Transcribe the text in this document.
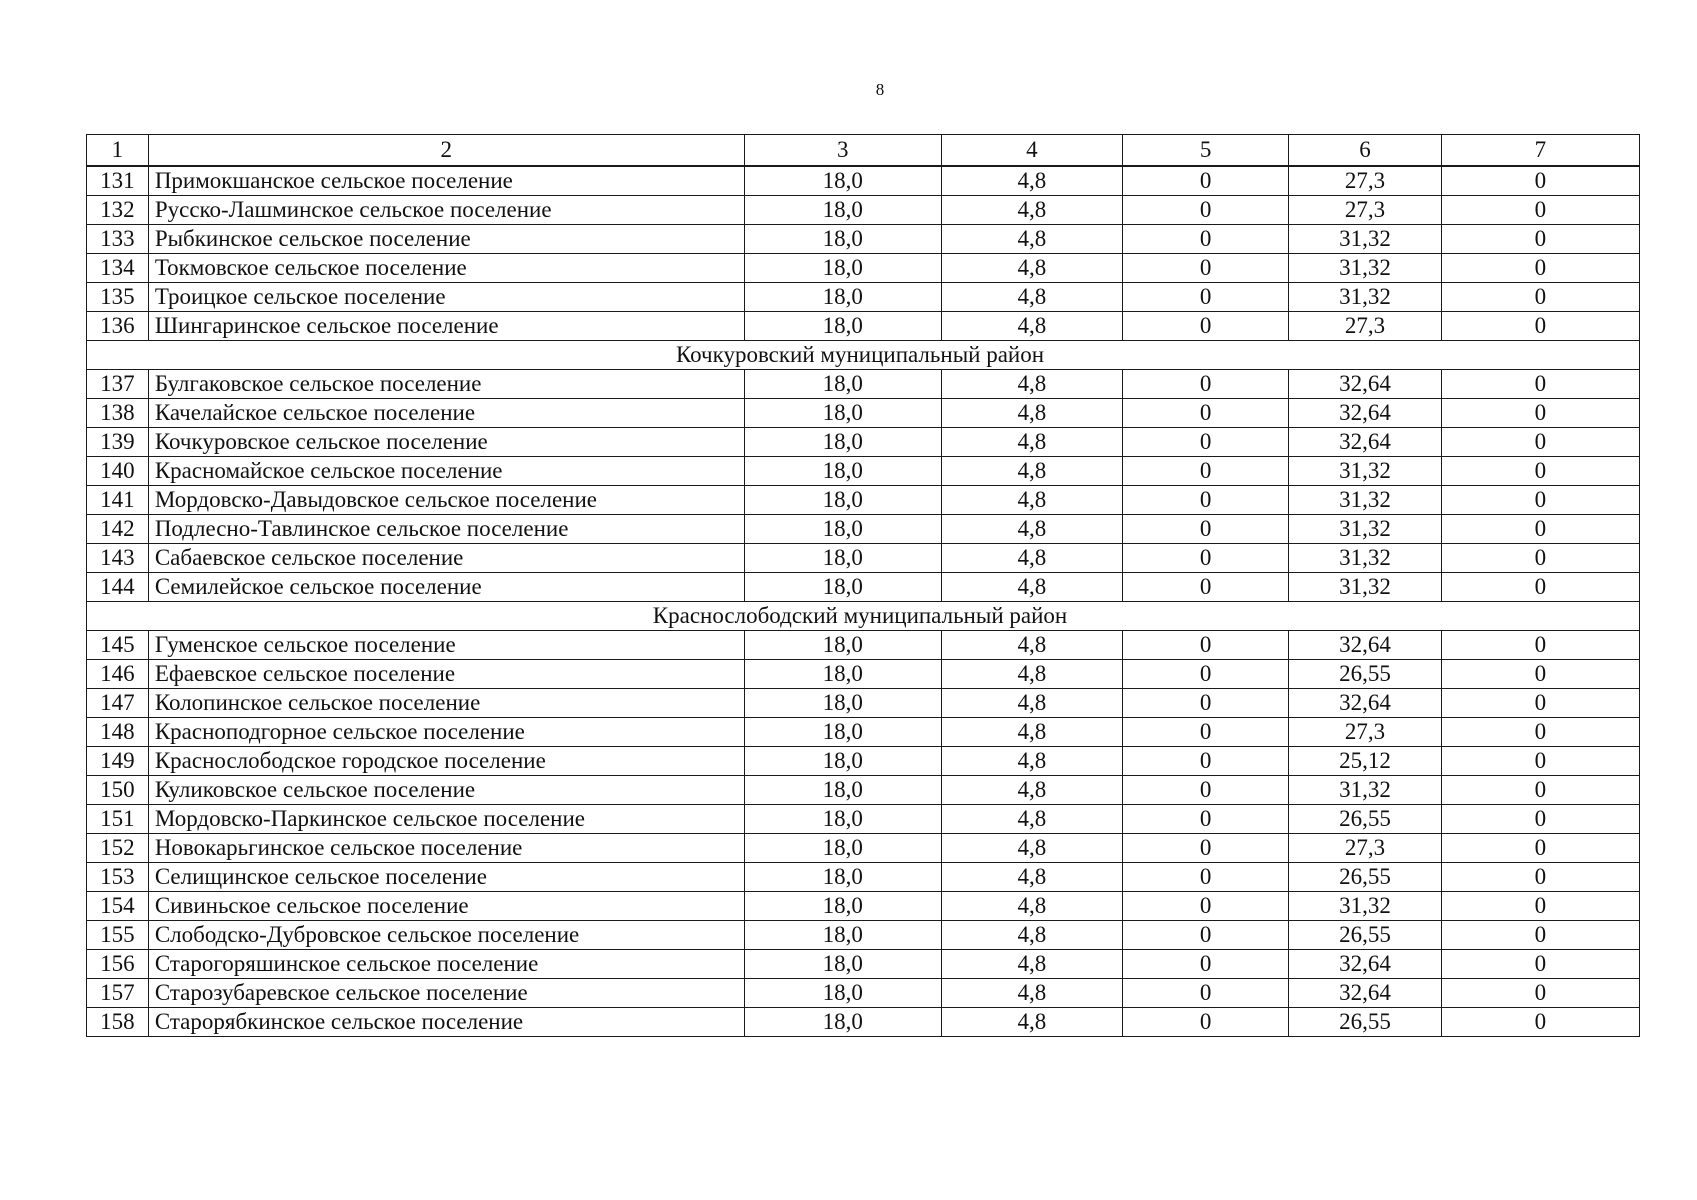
8
1	2	3	4	5	6	7
131	Примокшанское сельское поселение	18,0	4,8	0	27,3	0
132	Русско-Лашминское сельское поселение	18,0	4,8	0	27,3	0
133	Рыбкинское сельское поселение	18,0	4,8	0	31,32	0
134	Токмовское сельское поселение	18,0	4,8	0	31,32	0
135	Троицкое сельское поселение	18,0	4,8	0	31,32	0
136	Шингаринское сельское поселение	18,0	4,8	0	27,3	0
Кочкуровский муниципальный район						
137	Булгаковское сельское поселение	18,0	4,8	0	32,64	0
138	Качелайское сельское поселение	18,0	4,8	0	32,64	0
139	Кочкуровское сельское поселение	18,0	4,8	0	32,64	0
140	Красномайское сельское поселение	18,0	4,8	0	31,32	0
141	Мордовско-Давыдовское сельское поселение	18,0	4,8	0	31,32	0
142	Подлесно-Тавлинское сельское поселение	18,0	4,8	0	31,32	0
143	Сабаевское сельское поселение	18,0	4,8	0	31,32	0
144	Семилейское сельское поселение	18,0	4,8	0	31,32	0
Краснослободский муниципальный район						
145	Гуменское сельское поселение	18,0	4,8	0	32,64	0
146	Ефаевское сельское поселение	18,0	4,8	0	26,55	0
147	Колопинское сельское поселение	18,0	4,8	0	32,64	0
148	Красноподгорное сельское поселение	18,0	4,8	0	27,3	0
149	Краснослободское городское поселение	18,0	4,8	0	25,12	0
150	Куликовское сельское поселение	18,0	4,8	0	31,32	0
151	Мордовско-Паркинское сельское поселение	18,0	4,8	0	26,55	0
152	Новокарьгинское сельское поселение	18,0	4,8	0	27,3	0
153	Селищинское сельское поселение	18,0	4,8	0	26,55	0
154	Сивиньское сельское поселение	18,0	4,8	0	31,32	0
155	Слободско-Дубровское сельское поселение	18,0	4,8	0	26,55	0
156	Старогоряшинское сельское поселение	18,0	4,8	0	32,64	0
157	Старозубаревское сельское поселение	18,0	4,8	0	32,64	0
158	Старорябкинское сельское поселение	18,0	4,8	0	26,55	0
